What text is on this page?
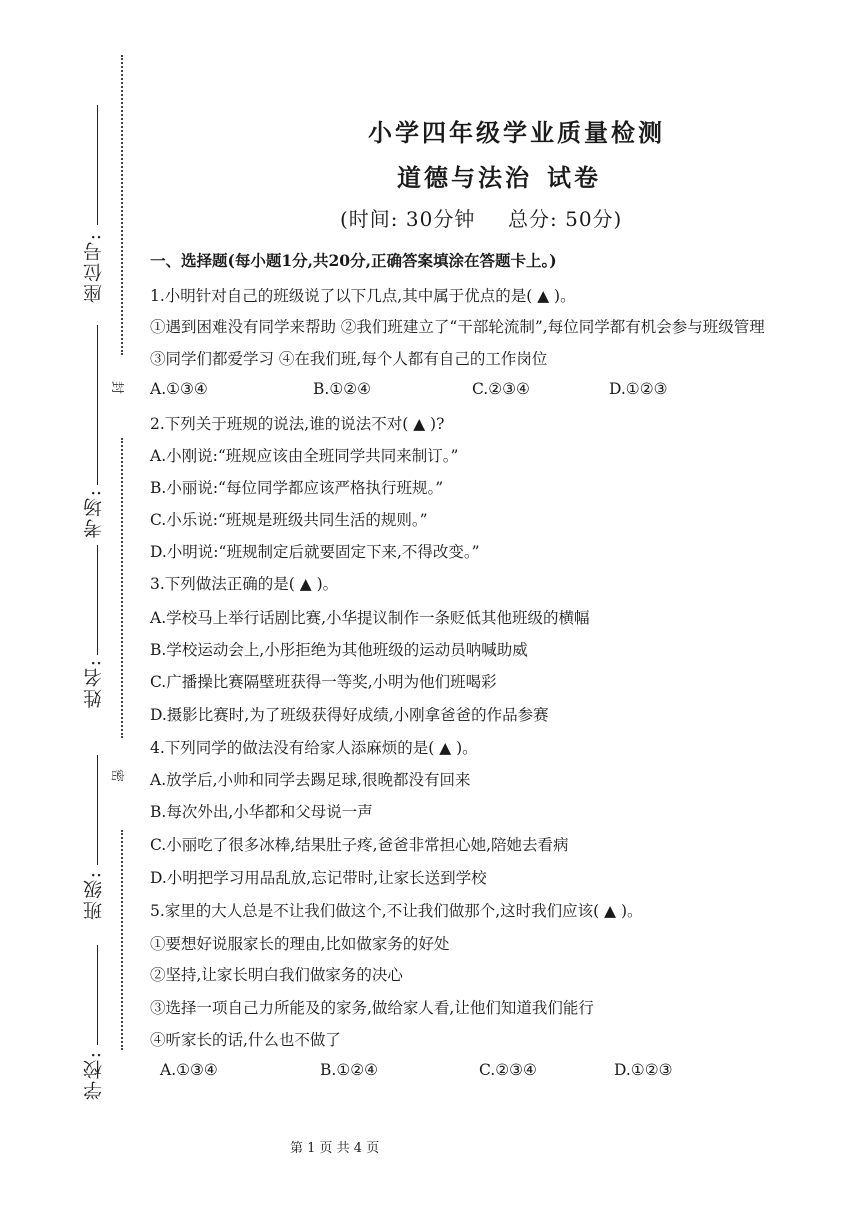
封
密
座位号:
考场:
姓名:
班级:
学校:
小学四年级学业质量检测
道德与法治 试卷
(时间: 30分钟 总分: 50分)
一、选择题(每小题1分,共20分,正确答案填涂在答题卡上。)
1.小明针对自己的班级说了以下几点,其中属于优点的是( ▲ )。
①遇到困难没有同学来帮助 ②我们班建立了“干部轮流制”,每位同学都有机会参与班级管理
③同学们都爱学习 ④在我们班,每个人都有自己的工作岗位
A.①③④	B.①②④	C.②③④	D.①②③
2.下列关于班规的说法,谁的说法不对( ▲ )?
A.小刚说:“班规应该由全班同学共同来制订。”
B.小丽说:“每位同学都应该严格执行班规。”
C.小乐说:“班规是班级共同生活的规则。”
D.小明说:“班规制定后就要固定下来,不得改变。”
3.下列做法正确的是( ▲ )。
A.学校马上举行话剧比赛,小华提议制作一条贬低其他班级的横幅
B.学校运动会上,小彤拒绝为其他班级的运动员呐喊助威
C.广播操比赛隔壁班获得一等奖,小明为他们班喝彩
D.摄影比赛时,为了班级获得好成绩,小刚拿爸爸的作品参赛
4.下列同学的做法没有给家人添麻烦的是( ▲ )。
A.放学后,小帅和同学去踢足球,很晚都没有回来
B.每次外出,小华都和父母说一声
C.小丽吃了很多冰棒,结果肚子疼,爸爸非常担心她,陪她去看病
D.小明把学习用品乱放,忘记带时,让家长送到学校
5.家里的大人总是不让我们做这个,不让我们做那个,这时我们应该( ▲ )。
①要想好说服家长的理由,比如做家务的好处
②坚持,让家长明白我们做家务的决心
③选择一项自己力所能及的家务,做给家人看,让他们知道我们能行
④听家长的话,什么也不做了
A.①③④	B.①②④	C.②③④	D.①②③
第 1 页 共 4 页
